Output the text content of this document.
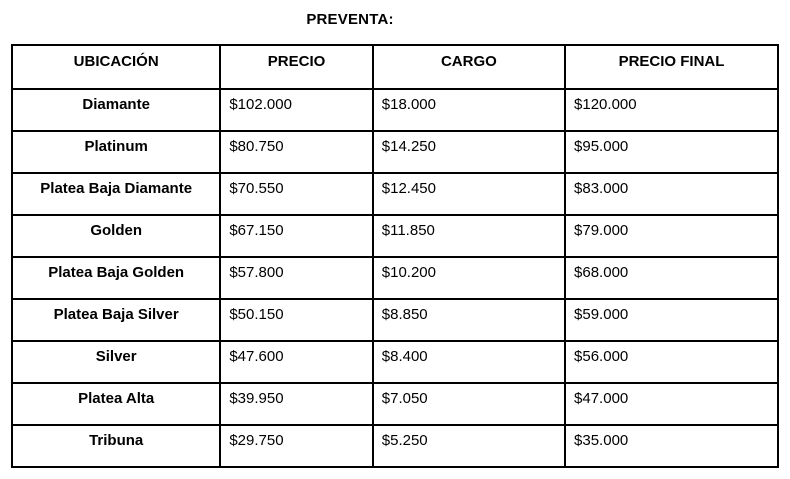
PREVENTA:
UBICACIÓN	PRECIO	CARGO	PRECIO FINAL
Diamante	$102.000	$18.000	$120.000
Platinum	$80.750	$14.250	$95.000
Platea Baja Diamante	$70.550	$12.450	$83.000
Golden	$67.150	$11.850	$79.000
Platea Baja Golden	$57.800	$10.200	$68.000
Platea Baja Silver	$50.150	$8.850	$59.000
Silver	$47.600	$8.400	$56.000
Platea Alta	$39.950	$7.050	$47.000
Tribuna	$29.750	$5.250	$35.000
